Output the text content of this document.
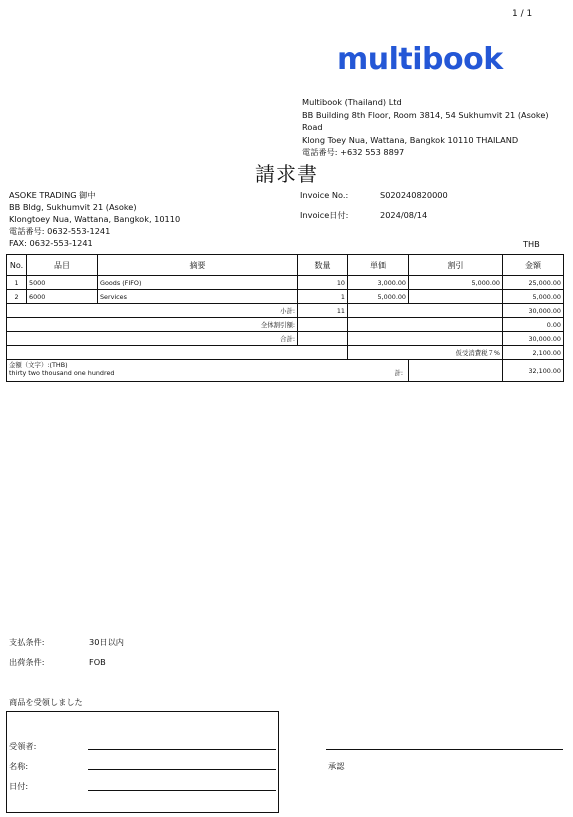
1 / 1
multibook
Multibook (Thailand) Ltd
BB Building 8th Floor, Room 3814, 54 Sukhumvit 21 (Asoke)
Road
Klong Toey Nua, Wattana, Bangkok 10110 THAILAND
電話番号: +632 553 8897
請求書
ASOKE TRADING 御中
BB Bldg, Sukhumvit 21 (Asoke)
Klongtoey Nua, Wattana, Bangkok, 10110
電話番号: 0632-553-1241
FAX: 0632-553-1241
Invoice No.:	S020240820000
Invoice日付:	2024/08/14
THB
No.	品目	摘要	数量	単価	割引	金額
1	5000	Goods (FIFO)	10	3,000.00	5,000.00	25,000.00
2	6000	Services	1	5,000.00		5,000.00
小計:			11			30,000.00
全体割引額:						0.00
合計:						30,000.00
				仮受消費税７%		2,100.00

金額（文字）:(THB)
thirty two thousand one hundred 計:						32,100.00
支払条件:	30日以内
出荷条件:	FOB
商品を受領しました
受領者:
名称:
日付:
承認
